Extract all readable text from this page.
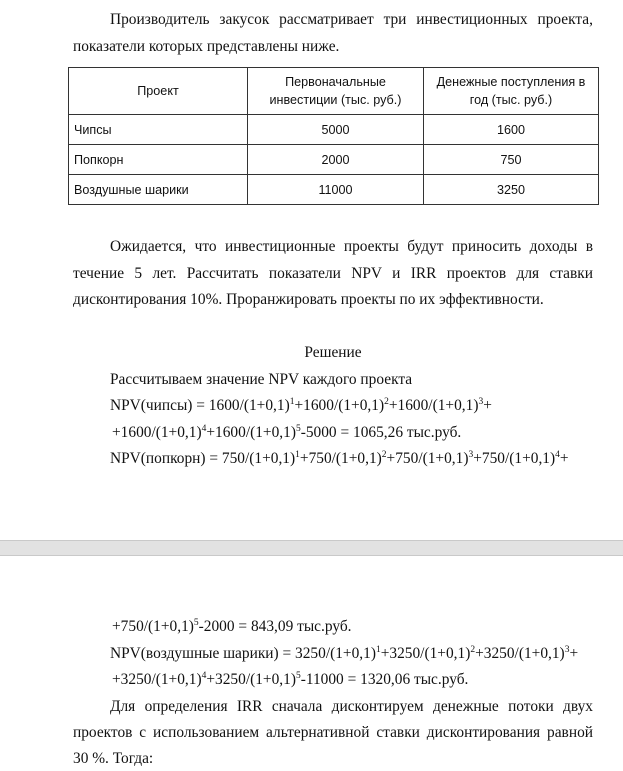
Производитель закусок рассматривает три инвестиционных проекта,
показатели которых представлены ниже.
Проект	Первоначальные инвестиции (тыс. руб.)	Денежные поступления в год (тыс. руб.)
Чипсы	5000	1600
Попкорн	2000	750
Воздушные шарики	11000	3250
Ожидается, что инвестиционные проекты будут приносить доходы в
течение 5 лет. Рассчитать показатели NPV и IRR проектов для ставки
дисконтирования 10%. Проранжировать проекты по их эффективности.
Решение
Рассчитываем значение NPV каждого проекта
NPV(чипсы) = $1600/(1+0,1)^1+1600/(1+0,1)^2+1600/(1+0,1)^3+$
$+1600/(1+0,1)^4+1600/(1+0,1)^5-5000 = 1065,26$ тыс.руб.
NPV(попкорн) = $750/(1+0,1)^1+750/(1+0,1)^2+750/(1+0,1)^3+750/(1+0,1)^4+$
$+750/(1+0,1)^5-2000 = 843,09$ тыс.руб.
NPV(воздушные шарики) = $3250/(1+0,1)^1+3250/(1+0,1)^2+3250/(1+0,1)^3+$
$+3250/(1+0,1)^4+3250/(1+0,1)^5-11000 = 1320,06$ тыс.руб.
Для определения IRR сначала дисконтируем денежные потоки двух
проектов с использованием альтернативной ставки дисконтирования равной
30 %. Тогда:
